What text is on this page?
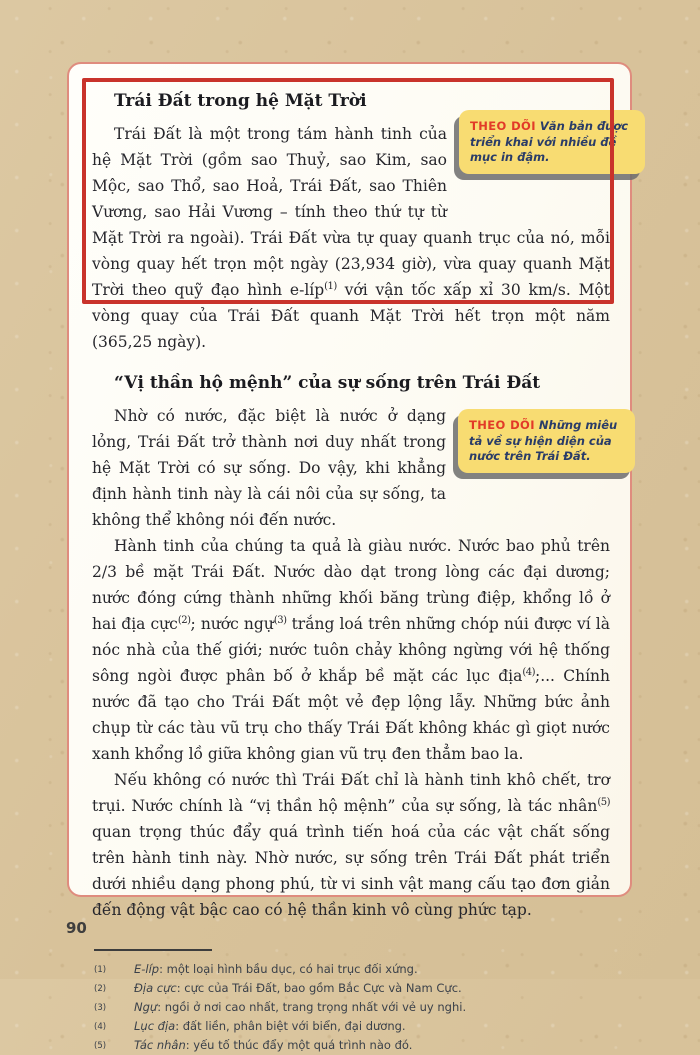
THEO DÕI Văn bản được triển khai với nhiều đề mục in đậm.
Trái Đất trong hệ Mặt Trời

Trái Đất là một trong tám hành tinh của hệ Mặt Trời (gồm sao Thuỷ, sao Kim, sao Mộc, sao Thổ, sao Hoả, Trái Đất, sao Thiên Vương, sao Hải Vương – tính theo thứ tự từ Mặt Trời ra ngoài). Trái Đất vừa tự quay quanh trục của nó, mỗi vòng quay hết trọn một ngày (23,934 giờ), vừa quay quanh Mặt Trời theo quỹ đạo hình e-líp$^{(1)}$ với vận tốc xấp xỉ 30 km/s. Một vòng quay của Trái Đất quanh Mặt Trời hết trọn một năm (365,25 ngày).

“Vị thần hộ mệnh” của sự sống trên Trái Đất
THEO DÕI Những miêu tả về sự hiện diện của nước trên Trái Đất.

Nhờ có nước, đặc biệt là nước ở dạng lỏng, Trái Đất trở thành nơi duy nhất trong hệ Mặt Trời có sự sống. Do vậy, khi khẳng định hành tinh này là cái nôi của sự sống, ta không thể không nói đến nước.

Hành tinh của chúng ta quả là giàu nước. Nước bao phủ trên 2/3 bề mặt Trái Đất. Nước dào dạt trong lòng các đại dương; nước đóng cứng thành những khối băng trùng điệp, khổng lồ ở hai địa cực$^{(2)}$; nước ngự$^{(3)}$ trắng loá trên những chóp núi được ví là nóc nhà của thế giới; nước tuôn chảy không ngừng với hệ thống sông ngòi được phân bố ở khắp bề mặt các lục địa$^{(4)}$;... Chính nước đã tạo cho Trái Đất một vẻ đẹp lộng lẫy. Những bức ảnh chụp từ các tàu vũ trụ cho thấy Trái Đất không khác gì giọt nước xanh khổng lồ giữa không gian vũ trụ đen thẳm bao la.

Nếu không có nước thì Trái Đất chỉ là hành tinh khô chết, trơ trụi. Nước chính là “vị thần hộ mệnh” của sự sống, là tác nhân$^{(5)}$ quan trọng thúc đẩy quá trình tiến hoá của các vật chất sống trên hành tinh này. Nhờ nước, sự sống trên Trái Đất phát triển dưới nhiều dạng phong phú, từ vi sinh vật mang cấu tạo đơn giản đến động vật bậc cao có hệ thần kinh vô cùng phức tạp.

(1)	E-líp: một loại hình bầu dục, có hai trục đối xứng.
(2)	Địa cực: cực của Trái Đất, bao gồm Bắc Cực và Nam Cực.
(3)	Ngự: ngồi ở nơi cao nhất, trang trọng nhất với vẻ uy nghi.
(4)	Lục địa: đất liền, phân biệt với biển, đại dương.
(5)	Tác nhân: yếu tố thúc đẩy một quá trình nào đó.
90
